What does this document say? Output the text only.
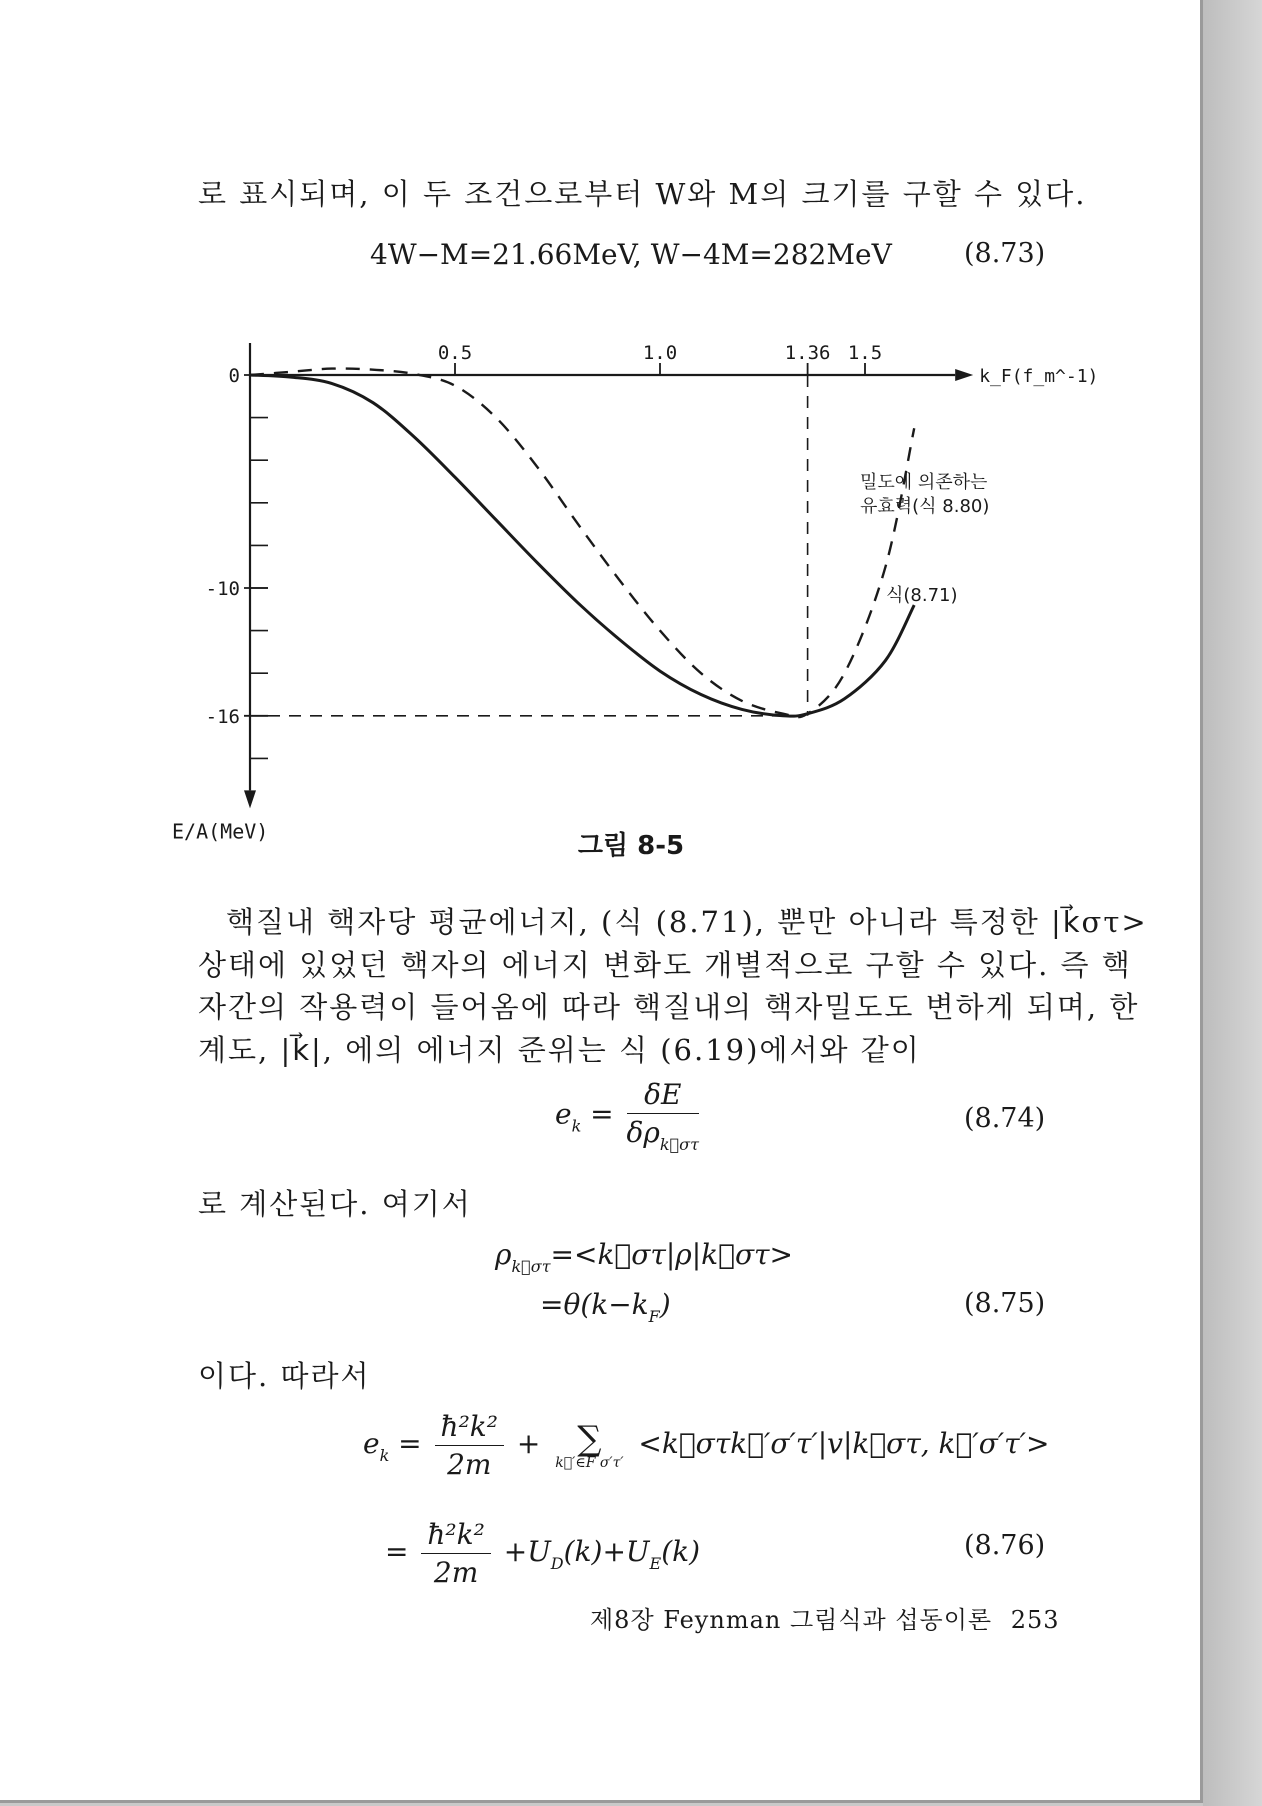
로 표시되며, 이 두 조건으로부터 W와 M의 크기를 구할 수 있다.
4W−M=21.66MeV, W−4M=282MeV	(8.73)
0
-10
-16
0.5	1.0	1.36 1.5
k_F(f_m^-1)
E/A(MeV)
밀도에 의존하는
유효력(식 8.80)
식(8.71)
그림 8-5
핵질내 핵자당 평균에너지, (식 (8.71), 뿐만 아니라 특정한 |k⃗στ>
상태에 있었던 핵자의 에너지 변화도 개별적으로 구할 수 있다. 즉 핵
자간의 작용력이 들어옴에 따라 핵질내의 핵자밀도도 변하게 되며, 한
계도, |k⃗|, 에의 에너지 준위는 식 (6.19)에서와 같이
$e_k = \frac{\delta E}{\delta\rho_{k⃗\sigma\tau}}$	(8.74)
로 계산된다. 여기서
$\rho_{k⃗\sigma\tau}=<k⃗\sigma\tau|\rho|k⃗\sigma\tau>$
$=\theta(k-k_F)$	(8.75)
이다. 따라서
$e_k = \frac{\text{ħ²k²}}{2m}$ + ∑
k⃗′∈F σ′τ′
<k⃗στk⃗′σ′τ′|v|k⃗στ, k⃗′σ′τ′>
= $\frac{\text{ħ²k²}}{2m} +U_D(k)+U_E(k)$	(8.76)
제8장 Feynman 그림식과 섭동이론 253
